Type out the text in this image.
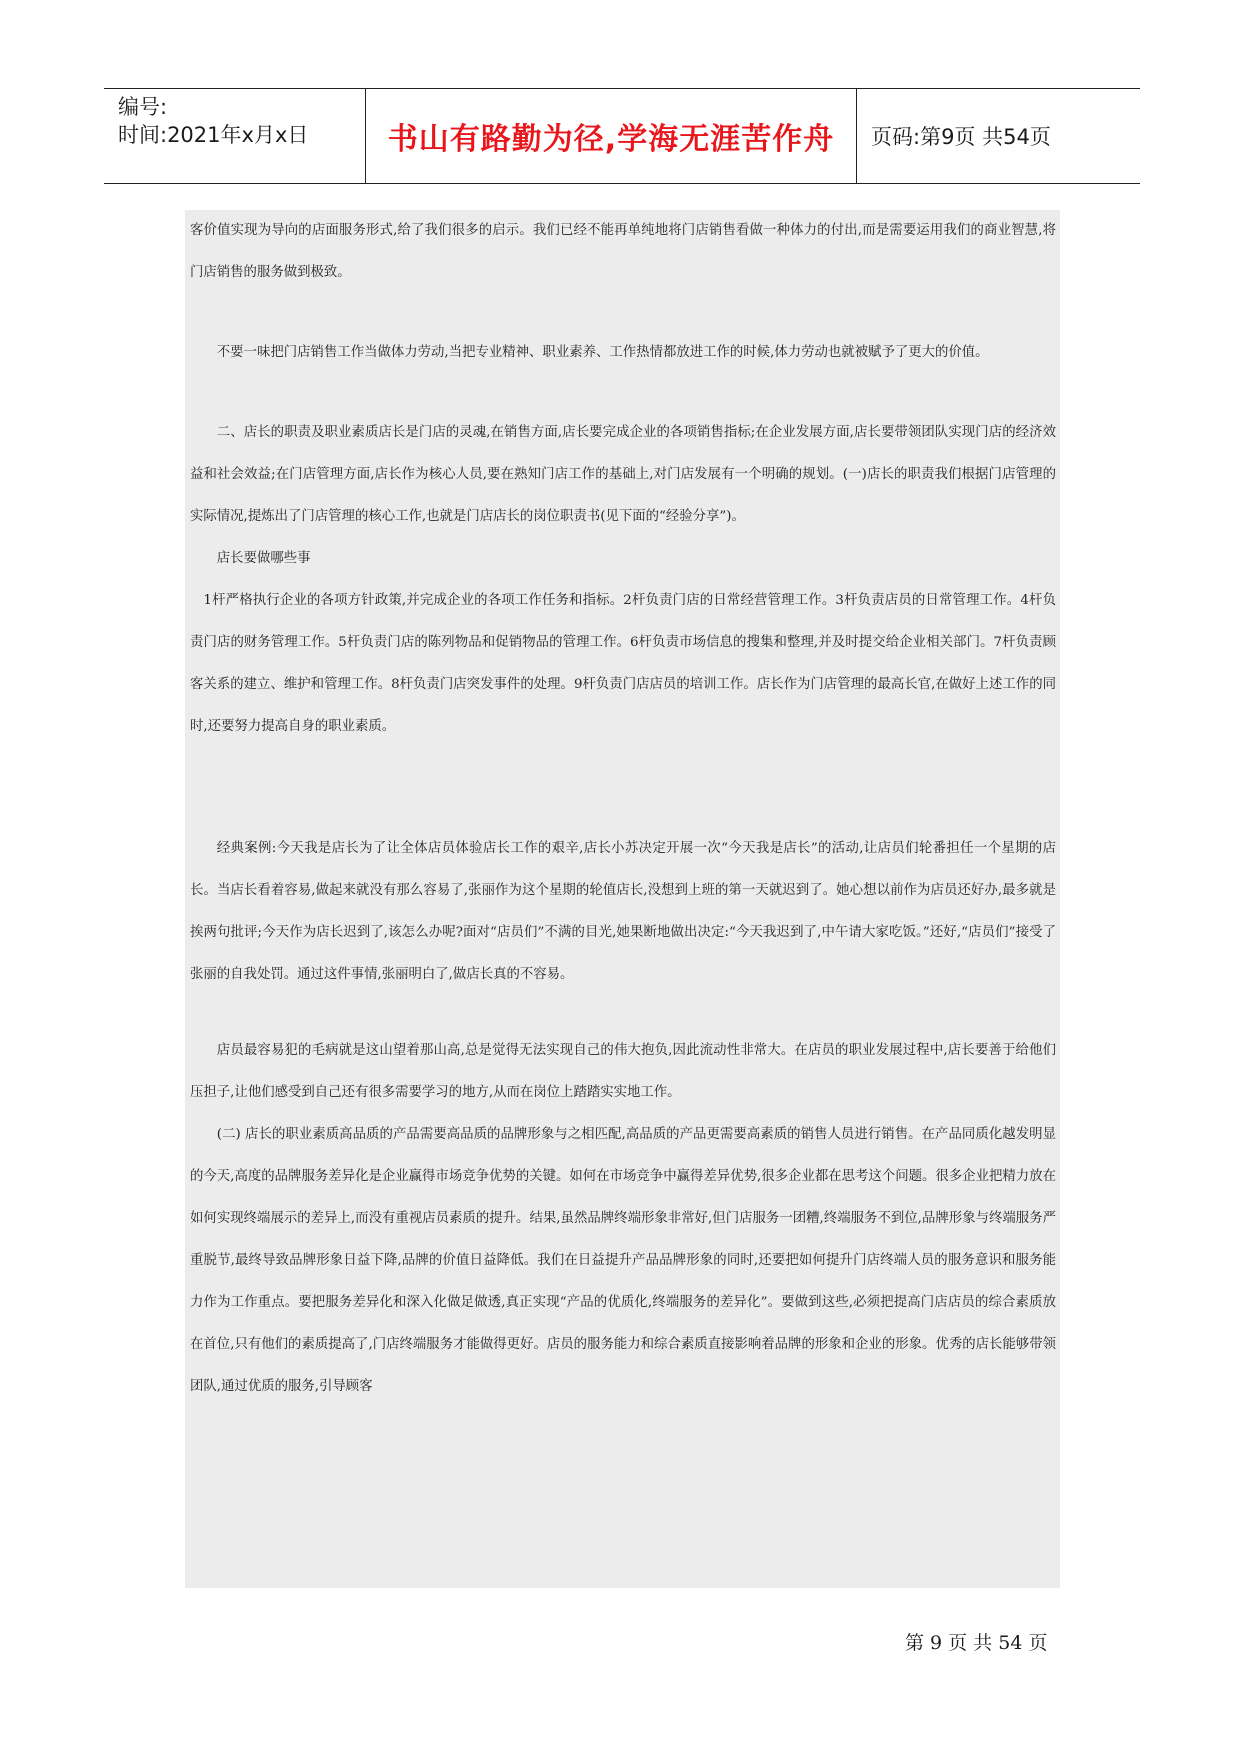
编号:
时间:2021年x月x日	书山有路勤为径,学海无涯苦作舟	页码:第9页 共54页

客价值实现为导向的店面服务形式,给了我们很多的启示。我们已经不能再单纯地将门店销售看做一种体力的付出,而是需要运用我们的商业智慧,将门店销售的服务做到极致。

不要一味把门店销售工作当做体力劳动,当把专业精神、职业素养、工作热情都放进工作的时候,体力劳动也就被赋予了更大的价值。

二、店长的职责及职业素质店长是门店的灵魂,在销售方面,店长要完成企业的各项销售指标;在企业发展方面,店长要带领团队实现门店的经济效益和社会效益;在门店管理方面,店长作为核心人员,要在熟知门店工作的基础上,对门店发展有一个明确的规划。(一)店长的职责我们根据门店管理的实际情况,提炼出了门店管理的核心工作,也就是门店店长的岗位职责书(见下面的“经验分享”)。

店长要做哪些事

1杆严格执行企业的各项方针政策,并完成企业的各项工作任务和指标。2杆负责门店的日常经营管理工作。3杆负责店员的日常管理工作。4杆负责门店的财务管理工作。5杆负责门店的陈列物品和促销物品的管理工作。6杆负责市场信息的搜集和整理,并及时提交给企业相关部门。7杆负责顾客关系的建立、维护和管理工作。8杆负责门店突发事件的处理。9杆负责门店店员的培训工作。店长作为门店管理的最高长官,在做好上述工作的同时,还要努力提高自身的职业素质。

经典案例:今天我是店长为了让全体店员体验店长工作的艰辛,店长小苏决定开展一次“今天我是店长”的活动,让店员们轮番担任一个星期的店长。当店长看着容易,做起来就没有那么容易了,张丽作为这个星期的轮值店长,没想到上班的第一天就迟到了。她心想以前作为店员还好办,最多就是挨两句批评;今天作为店长迟到了,该怎么办呢?面对“店员们”不满的目光,她果断地做出决定:“今天我迟到了,中午请大家吃饭。”还好,“店员们”接受了张丽的自我处罚。通过这件事情,张丽明白了,做店长真的不容易。

店员最容易犯的毛病就是这山望着那山高,总是觉得无法实现自己的伟大抱负,因此流动性非常大。在店员的职业发展过程中,店长要善于给他们压担子,让他们感受到自己还有很多需要学习的地方,从而在岗位上踏踏实实地工作。

(二) 店长的职业素质高品质的产品需要高品质的品牌形象与之相匹配,高品质的产品更需要高素质的销售人员进行销售。在产品同质化越发明显的今天,高度的品牌服务差异化是企业赢得市场竞争优势的关键。如何在市场竞争中赢得差异优势,很多企业都在思考这个问题。很多企业把精力放在如何实现终端展示的差异上,而没有重视店员素质的提升。结果,虽然品牌终端形象非常好,但门店服务一团糟,终端服务不到位,品牌形象与终端服务严重脱节,最终导致品牌形象日益下降,品牌的价值日益降低。我们在日益提升产品品牌形象的同时,还要把如何提升门店终端人员的服务意识和服务能力作为工作重点。要把服务差异化和深入化做足做透,真正实现“产品的优质化,终端服务的差异化”。要做到这些,必须把提高门店店员的综合素质放在首位,只有他们的素质提高了,门店终端服务才能做得更好。店员的服务能力和综合素质直接影响着品牌的形象和企业的形象。优秀的店长能够带领团队,通过优质的服务,引导顾客

第 9 页 共 54 页
